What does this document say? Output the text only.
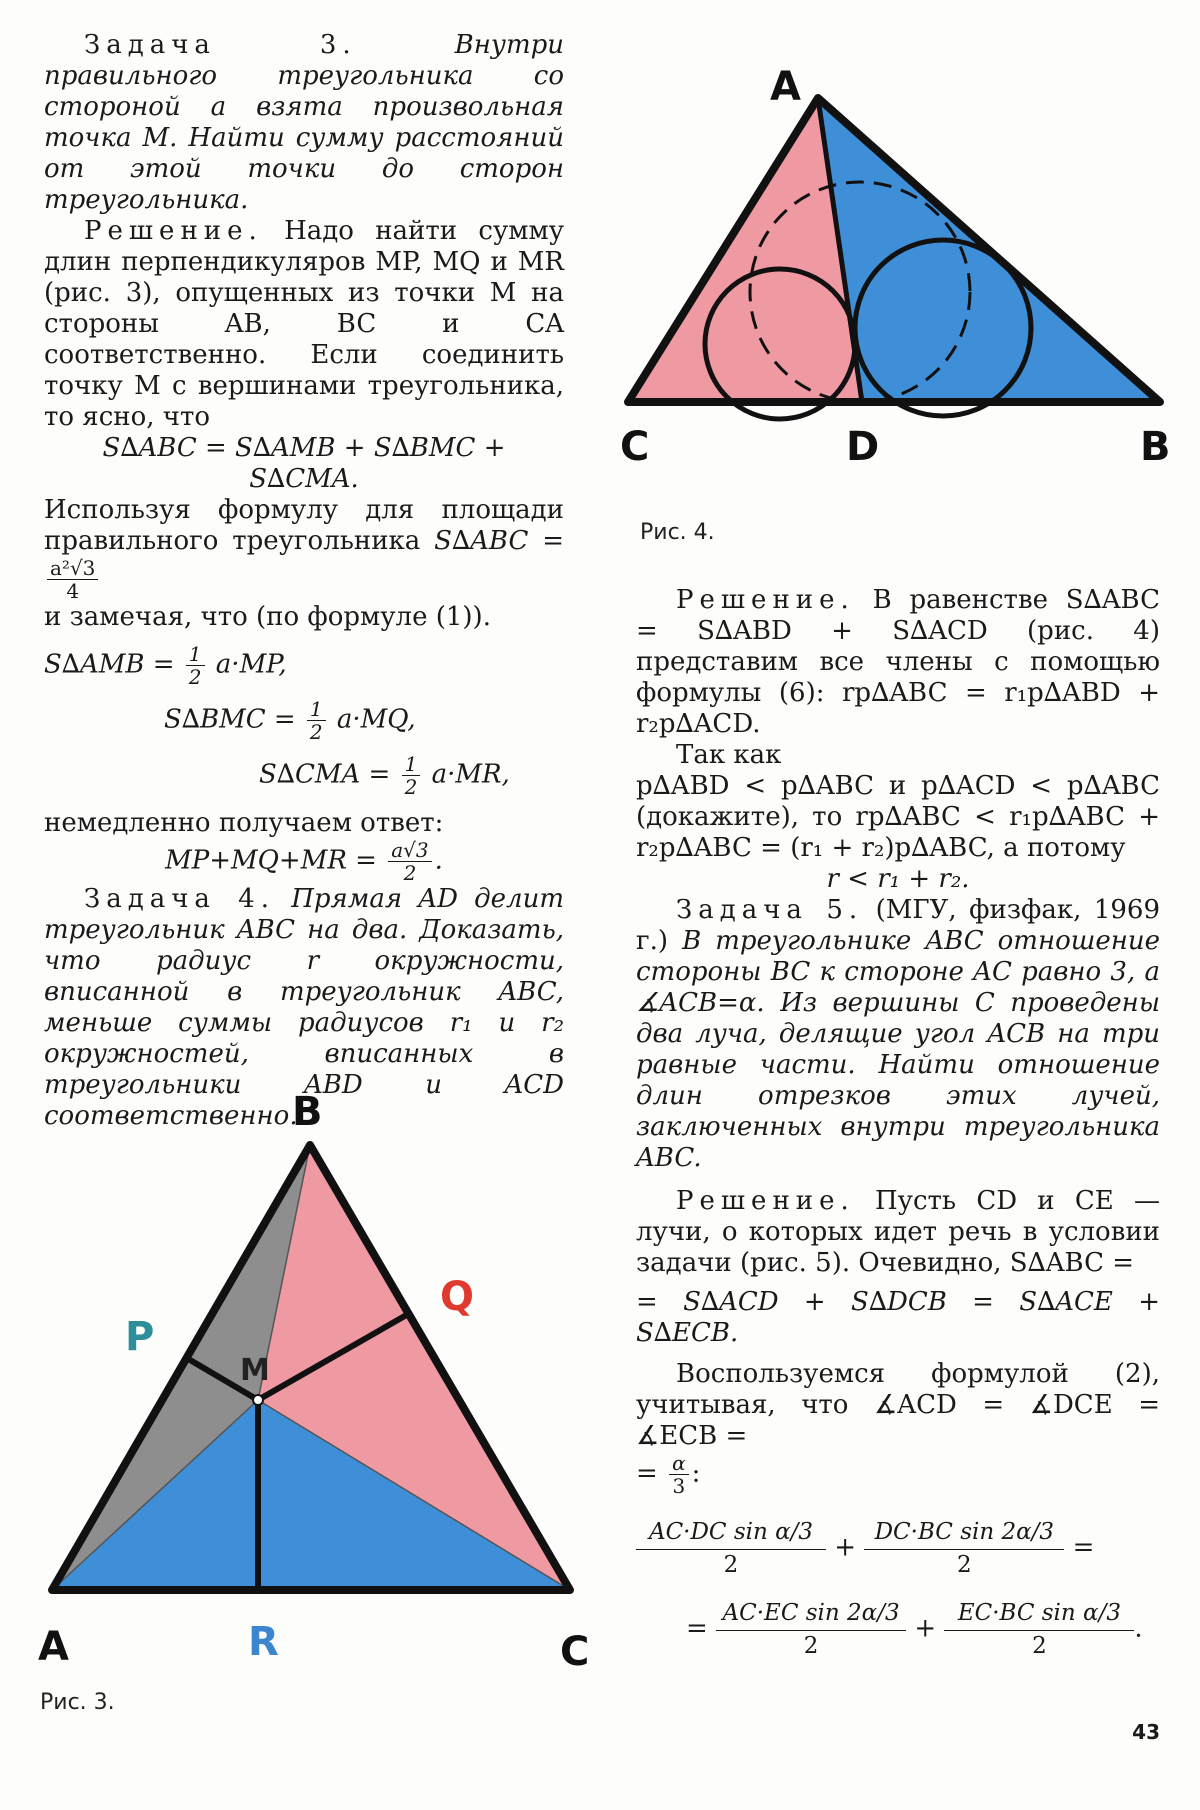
Задача 3.	Внутри правильного треугольника со стороной a взята произвольная точка M. Найти сумму расстояний от этой точки до сторон треугольника.

Решение. Надо найти сумму длин перпендикуляров MP, MQ и MR (рис. 3), опущенных из точки M на стороны AB, BC и CA соответственно. Если соединить точку M с вершинами треугольника, то ясно, что

S∆ABC = S∆AMB + S∆BMC + S∆CMA.

Используя формулу для площади правильного треугольника S∆ABC =
$\frac{\text{a²√3}}{4}$

и замечая, что (по формуле (1)).

$S\Delta AMB = \frac{1}{2} a\cdot MP$,
$S\Delta BMC = \frac{1}{2} a\cdot MQ$,
$S\Delta CMA = \frac{1}{2} a\cdot MR$,

немедленно получаем ответ:

$MP+MQ+MR = \frac{a√3}{2}$ .

Задача 4. Прямая AD делит треугольник ABC на два. Доказать, что радиус r окружности, вписанной в треугольник ABC, меньше суммы радиусов r₁ и r₂ окружностей, вписанных в треугольники ABD и ACD соответственно.

B
A	C
M
P
Q
R
Рис. 3.
A
C	D	B
Рис. 4.

Решение. В равенстве S∆ABC = S∆ABD + S∆ACD (рис. 4) представим все члены с помощью формулы (6): rp∆ABC = r₁p∆ABD + r₂p∆ACD.

Так как

p∆ABD < p∆ABC и p∆ACD < p∆ABC (докажите), то rp∆ABC < r₁p∆ABC + r₂p∆ABC = (r₁ + r₂)p∆ABC, а потому

r < r₁ + r₂.

Задача 5. (МГУ, физфак, 1969 г.) В треугольнике ABC отношение стороны BC к стороне AC равно 3, а ∡ACB=α. Из вершины C проведены два луча, делящие угол ACB на три равные части. Найти отношение длин отрезков этих лучей, заключенных внутри треугольника ABC.

Решение. Пусть CD и CE — лучи, о которых идет речь в условии задачи (рис. 5). Очевидно, S∆ABC =

= S∆ACD + S∆DCB = S∆ACE + S∆ECB.

Воспользуемся формулой (2), учитывая, что ∡ACD = ∡DCE = ∡ECB =

= $\frac{\alpha}{3}$ :

$\frac{\text{AC·DC sin α/3}}{2} + \frac{\text{DC·BC sin 2α/3}}{2}$ =
= $\frac{\text{AC·EC sin 2α/3}}{2} + \frac{\text{EC·BC sin α/3}}{2}$ .
43
